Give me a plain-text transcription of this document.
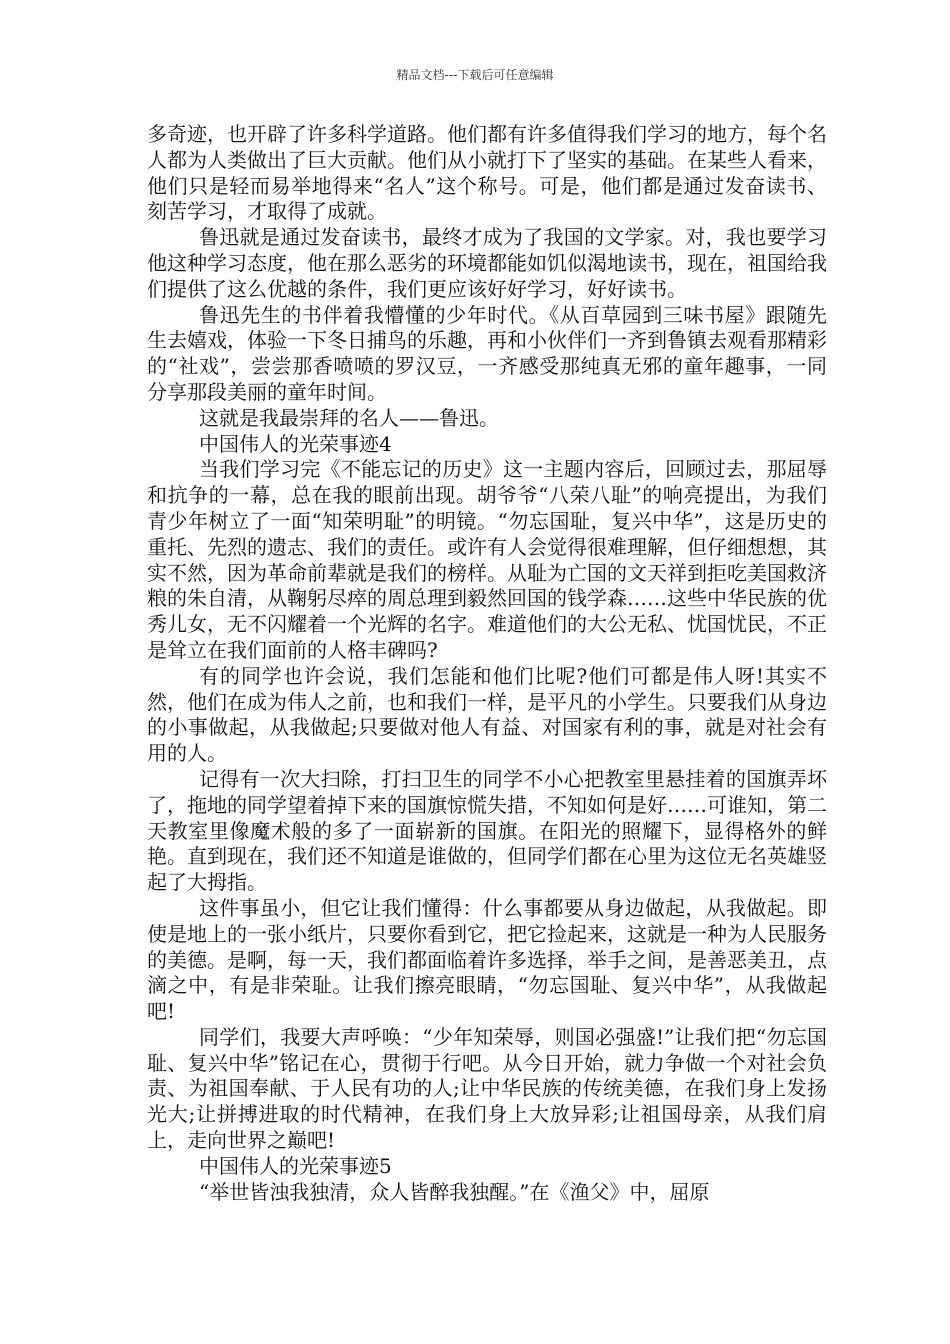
精品文档---下载后可任意编辑

多奇迹，也开辟了许多科学道路。他们都有许多值得我们学习的地方，每个名人都为人类做出了巨大贡献。他们从小就打下了坚实的基础。在某些人看来，他们只是轻而易举地得来“名人”这个称号。可是，他们都是通过发奋读书、刻苦学习，才取得了成就。

鲁迅就是通过发奋读书，最终才成为了我国的文学家。对，我也要学习他这种学习态度，他在那么恶劣的环境都能如饥似渴地读书，现在，祖国给我们提供了这么优越的条件，我们更应该好好学习，好好读书。

鲁迅先生的书伴着我懵懂的少年时代。《从百草园到三味书屋》跟随先生去嬉戏，体验一下冬日捕鸟的乐趣，再和小伙伴们一齐到鲁镇去观看那精彩的“社戏”，尝尝那香喷喷的罗汉豆，一齐感受那纯真无邪的童年趣事，一同分享那段美丽的童年时间。

这就是我最崇拜的名人——鲁迅。

中国伟人的光荣事迹4

当我们学习完《不能忘记的历史》这一主题内容后，回顾过去，那屈辱和抗争的一幕，总在我的眼前出现。胡爷爷“八荣八耻”的响亮提出，为我们青少年树立了一面“知荣明耻”的明镜。“勿忘国耻，复兴中华”，这是历史的重托、先烈的遗志、我们的责任。或许有人会觉得很难理解，但仔细想想，其实不然，因为革命前辈就是我们的榜样。从耻为亡国的文天祥到拒吃美国救济粮的朱自清，从鞠躬尽瘁的周总理到毅然回国的钱学森……这些中华民族的优秀儿女，无不闪耀着一个光辉的名字。难道他们的大公无私、忧国忧民，不正是耸立在我们面前的人格丰碑吗?

有的同学也许会说，我们怎能和他们比呢?他们可都是伟人呀!其实不然，他们在成为伟人之前，也和我们一样，是平凡的小学生。只要我们从身边的小事做起，从我做起;只要做对他人有益、对国家有利的事，就是对社会有用的人。

记得有一次大扫除，打扫卫生的同学不小心把教室里悬挂着的国旗弄坏了，拖地的同学望着掉下来的国旗惊慌失措，不知如何是好……可谁知，第二天教室里像魔术般的多了一面崭新的国旗。在阳光的照耀下，显得格外的鲜艳。直到现在，我们还不知道是谁做的，但同学们都在心里为这位无名英雄竖起了大拇指。

这件事虽小，但它让我们懂得：什么事都要从身边做起，从我做起。即使是地上的一张小纸片，只要你看到它，把它捡起来，这就是一种为人民服务的美德。是啊，每一天，我们都面临着许多选择，举手之间，是善恶美丑，点滴之中，有是非荣耻。让我们擦亮眼睛，“勿忘国耻、复兴中华”，从我做起吧!

同学们，我要大声呼唤：“少年知荣辱，则国必强盛!”让我们把“勿忘国耻、复兴中华”铭记在心，贯彻于行吧。从今日开始，就力争做一个对社会负责、为祖国奉献、于人民有功的人;让中华民族的传统美德，在我们身上发扬光大;让拼搏进取的时代精神，在我们身上大放异彩;让祖国母亲，从我们肩上，走向世界之巅吧!

中国伟人的光荣事迹5

“举世皆浊我独清，众人皆醉我独醒。”在《渔父》中，屈原
